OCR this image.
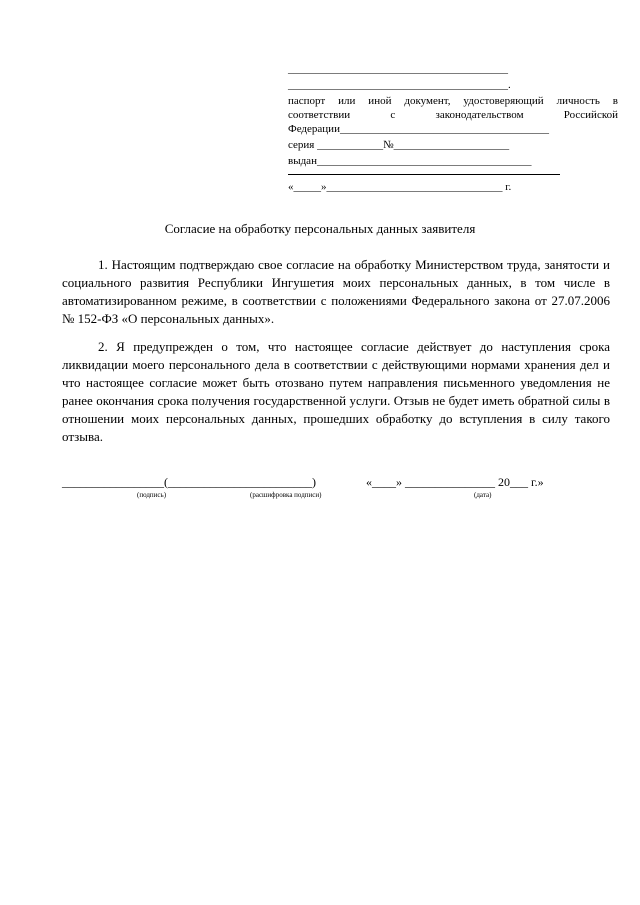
________________________________________
________________________________________.
паспорт или иной документ, удостоверяющий личность в соответствии с законодательством Российской Федерации______________________________________
серия ____________№_____________________
выдан_______________________________________
«_____»________________________________ г.
Согласие на обработку персональных данных заявителя
1. Настоящим подтверждаю свое согласие на обработку Министерством труда, занятости и социального развития Республики Ингушетия моих персональных данных, в том числе в автоматизированном режиме, в соответствии с положениями Федерального закона от 27.07.2006 № 152-ФЗ «О персональных данных».
2. Я предупрежден о том, что настоящее согласие действует до наступления срока ликвидации моего персонального дела в соответствии с действующими нормами хранения дел и что настоящее согласие может быть отозвано путем направления письменного уведомления не ранее окончания срока получения государственной услуги. Отзыв не будет иметь обратной силы в отношении моих персональных данных, прошедших обработку до вступления в силу такого отзыва.
_________________(________________________)	«____» _______________ 20___ г.»
(подпись)	(расшифровка подписи)	(дата)
